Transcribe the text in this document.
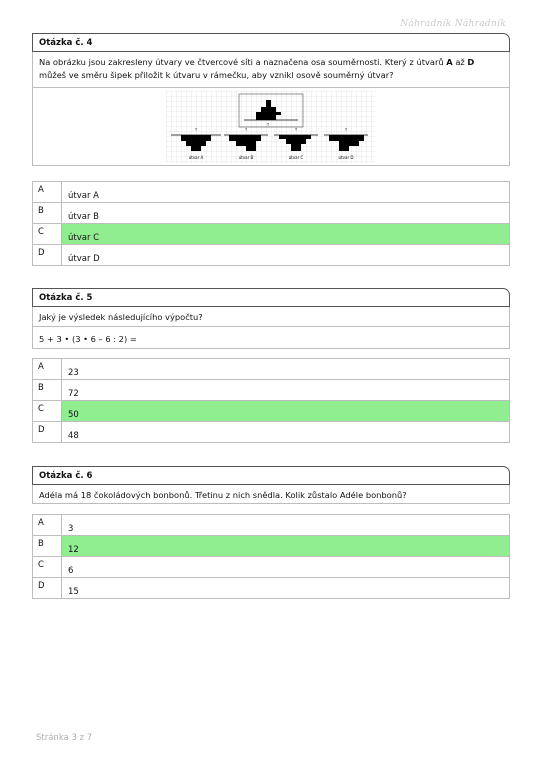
Náhradník Náhradník
Otázka č. 4
Na obrázku jsou zakresleny útvary ve čtvercové síti a naznačena osa souměrnosti. Který z útvarů A až D můžeš ve směru šipek přiložit k útvaru v rámečku, aby vznikl osově souměrný útvar?
↑
↑
útvar A
↑
útvar B
↑
útvar C
↑
útvar D
A
útvar A
B
útvar B
C
útvar C
D
útvar D
Otázka č. 5
Jaký je výsledek následujícího výpočtu?
5 + 3 • (3 • 6 – 6 : 2) =
A
23
B
72
C
50
D
48
Otázka č. 6
Adéla má 18 čokoládových bonbonů. Třetinu z nich snědla. Kolik zůstalo Adéle bonbonů?
A
3
B
12
C
6
D
15
Stránka 3 z 7
